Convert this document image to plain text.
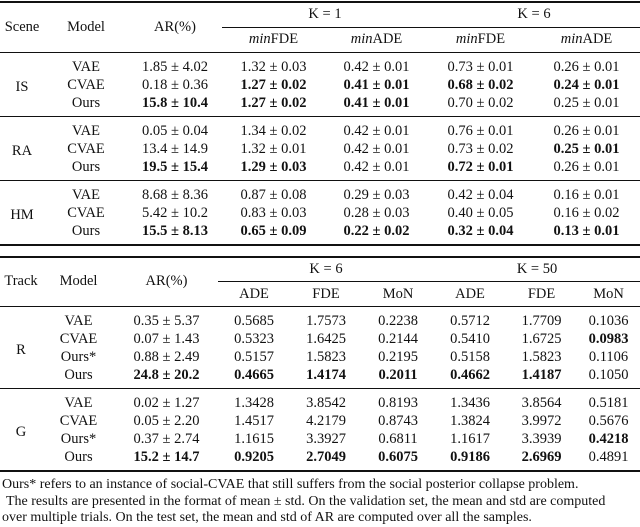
Scene	Model	AR(%)	K = 1		K = 6	
			minFDE	minADE	minFDE	minADE
IS	VAE	1.85 ± 4.02	1.32 ± 0.03	0.42 ± 0.01	0.73 ± 0.01	0.26 ± 0.01
	CVAE	0.18 ± 0.36	1.27 ± 0.02	0.41 ± 0.01	0.68 ± 0.02	0.24 ± 0.01
	Ours	15.8 ± 10.4	1.27 ± 0.02	0.41 ± 0.01	0.70 ± 0.02	0.25 ± 0.01
RA	VAE	0.05 ± 0.04	1.34 ± 0.02	0.42 ± 0.01	0.76 ± 0.01	0.26 ± 0.01
	CVAE	13.4 ± 14.9	1.32 ± 0.01	0.42 ± 0.01	0.73 ± 0.02	0.25 ± 0.01
	Ours	19.5 ± 15.4	1.29 ± 0.03	0.42 ± 0.01	0.72 ± 0.01	0.26 ± 0.01
HM	VAE	8.68 ± 8.36	0.87 ± 0.08	0.29 ± 0.03	0.42 ± 0.04	0.16 ± 0.01
	CVAE	5.42 ± 10.2	0.83 ± 0.03	0.28 ± 0.03	0.40 ± 0.05	0.16 ± 0.02
	Ours	15.5 ± 8.13	0.65 ± 0.09	0.22 ± 0.02	0.32 ± 0.04	0.13 ± 0.01
Track	Model	AR(%)	K = 6			K = 50		
			ADE	FDE	MoN	ADE	FDE	MoN
R	VAE	0.35 ± 5.37	0.5685	1.7573	0.2238	0.5712	1.7709	0.1036
	CVAE	0.07 ± 1.43	0.5323	1.6425	0.2144	0.5410	1.6725	0.0983
	Ours*	0.88 ± 2.49	0.5157	1.5823	0.2195	0.5158	1.5823	0.1106
	Ours	24.8 ± 20.2	0.4665	1.4174	0.2011	0.4662	1.4187	0.1050
G	VAE	0.02 ± 1.27	1.3428	3.8542	0.8193	1.3436	3.8564	0.5181
	CVAE	0.05 ± 2.20	1.4517	4.2179	0.8743	1.3824	3.9972	0.5676
	Ours*	0.37 ± 2.74	1.1615	3.3927	0.6811	1.1617	3.3939	0.4218
	Ours	15.2 ± 14.7	0.9205	2.7049	0.6075	0.9186	2.6969	0.4891
Ours* refers to an instance of social-CVAE that still suffers from the social posterior collapse problem.
The results are presented in the format of mean ± std. On the validation set, the mean and std are computed
over multiple trials. On the test set, the mean and std of AR are computed over all the samples.
